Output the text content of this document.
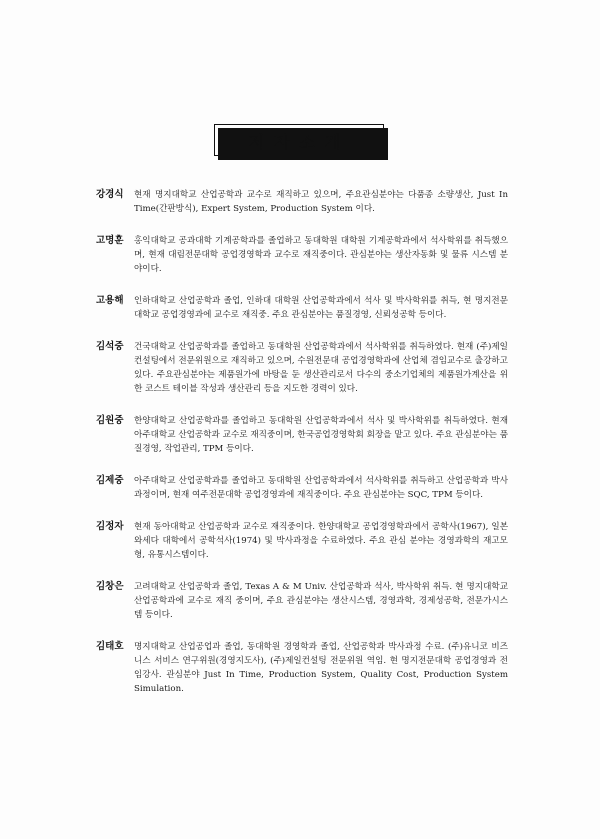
저자소개
강경식	현재 명지대학교 산업공학과 교수로 재직하고 있으며, 주요관심분야는 다품종 소량생산, Just In Time(간판방식), Expert System, Production System 이다.
고명훈	홍익대학교 공과대학 기계공학과를 졸업하고 동대학원 대학원 기계공학과에서 석사학위를 취득했으며, 현재 대림전문대학 공업경영학과 교수로 재직중이다. 관심분야는 생산자동화 및 물류 시스템 분야이다.
고용해	인하대학교 산업공학과 졸업, 인하대 대학원 산업공학과에서 석사 및 박사학위를 취득, 현 명지전문대학교 공업경영과에 교수로 재직중. 주요 관심분야는 품질경영, 신뢰성공학 등이다.
김석중	건국대학교 산업공학과를 졸업하고 동대학원 산업공학과에서 석사학위를 취득하였다. 현재 (주)제일컨설팅에서 전문위원으로 재직하고 있으며, 수원전문대 공업경영학과에 산업체 겸임교수로 출강하고 있다. 주요관심분야는 제품원가에 바탕을 둔 생산관리로서 다수의 중소기업체의 제품원가계산을 위한 코스트 테이블 작성과 생산관리 등을 지도한 경력이 있다.
김원중	한양대학교 산업공학과를 졸업하고 동대학원 산업공학과에서 석사 및 박사학위를 취득하였다. 현재 아주대학교 산업공학과 교수로 재직중이며, 한국공업경영학회 회장을 맡고 있다. 주요 관심분야는 품질경영, 작업관리, TPM 등이다.
김제중	아주대학교 산업공학과를 졸업하고 동대학원 산업공학과에서 석사학위를 취득하고 산업공학과 박사과정이며, 현재 여주전문대학 공업경영과에 재직중이다. 주요 관심분야는 SQC, TPM 등이다.
김정자	현재 동아대학교 산업공학과 교수로 재직중이다. 한양대학교 공업경영학과에서 공학사(1967), 일본와세다 대학에서 공학석사(1974) 및 박사과정을 수료하였다. 주요 관심 분야는 경영과학의 재고모형, 유통시스템이다.
김창은	고려대학교 산업공학과 졸업, Texas A & M Univ. 산업공학과 석사, 박사학위 취득. 현 명지대학교 산업공학과에 교수로 재직 중이며, 주요 관심분야는 생산시스템, 경영과학, 경제성공학, 전문가시스템 등이다.
김태호	명지대학교 산업공업과 졸업, 동대학원 경영학과 졸업, 산업공학과 박사과정 수료. (주)유니코 비즈니스 서비스 연구위원(경영지도사), (주)제일컨설팅 전문위원 역임. 현 명지전문대학 공업경영과 전임강사. 관심분야 Just In Time, Production System, Quality Cost, Production System Simulation.
